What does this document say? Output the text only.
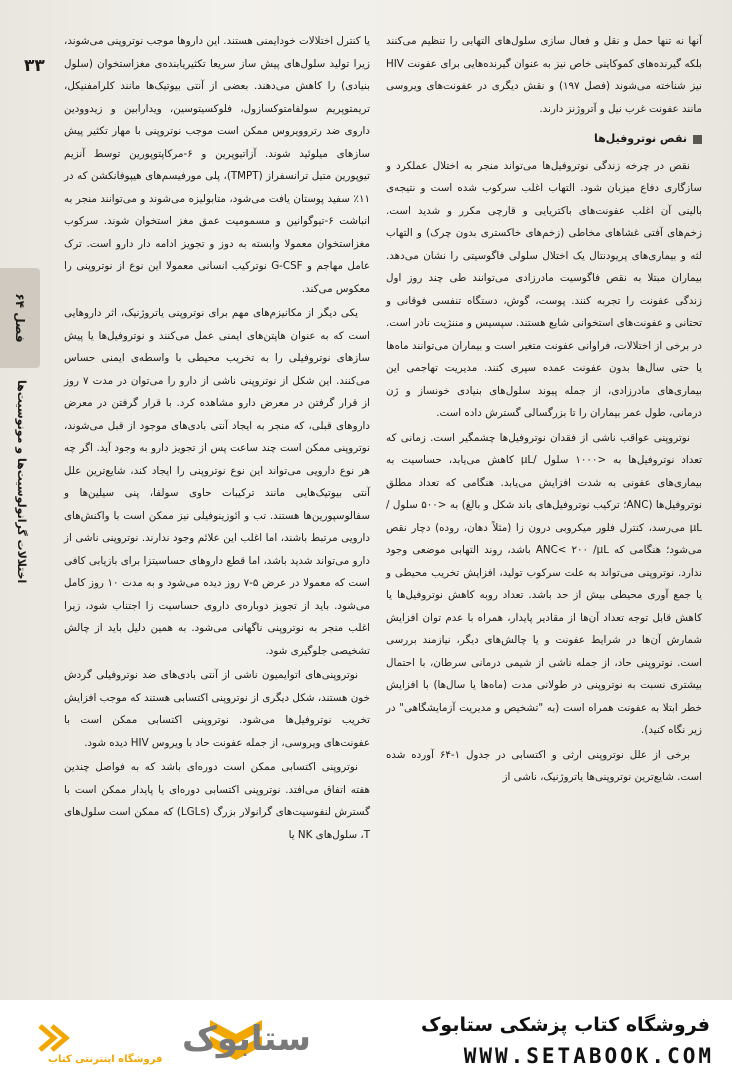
۳۳
فصل ۶۴
اختلالات گرانولوسیت‌ها و مونوسیت‌ها

آنها نه تنها حمل و نقل و فعال سازی سلول‌های التهابی را تنظیم می‌کنند بلکه گیرنده‌های کموکاینی خاص نیز به عنوان گیرنده‌هایی برای عفونت HIV نیز شناخته می‌شوند (فصل ۱۹۷) و نقش دیگری در عفونت‌های ویروسی مانند عفونت غرب نیل و آتروژنز دارند.

نقص نوتروفیل‌ها

نقص در چرخه زندگی نوتروفیل‌ها می‌تواند منجر به اختلال عملکرد و سازگاری دفاع میزبان شود. التهاب اغلب سرکوب شده است و نتیجه‌ی بالینی آن اغلب عفونت‌های باکتریایی و قارچی مکرر و شدید است. زخم‌های آفتی غشاهای مخاطی (زخم‌های خاکستری بدون چرک) و التهاب لثه و بیماری‌های پریودنتال یک اختلال سلولی فاگوسیتی را نشان می‌دهد. بیماران مبتلا به نقص فاگوسیت مادرزادی می‌توانند طی چند روز اول زندگی عفونت را تجربه کنند. پوست، گوش، دستگاه تنفسی فوقانی و تحتانی و عفونت‌های استخوانی شایع هستند. سپسیس و مننژیت نادر است. در برخی از اختلالات، فراوانی عفونت متغیر است و بیماران می‌توانند ماه‌ها یا حتی سال‌ها بدون عفونت عمده سپری کنند. مدیریت تهاجمی این بیماری‌های مادرزادی، از جمله پیوند سلول‌های بنیادی خونساز و ژن درمانی، طول عمر بیماران را تا بزرگسالی گسترش داده است.

نوتروپنی عواقب ناشی از فقدان نوتروفیل‌ها چشمگیر است. زمانی که تعداد نوتروفیل‌ها به <۱۰۰۰ سلول /µL کاهش می‌یابد، حساسیت به بیماری‌های عفونی به شدت افزایش می‌یابد. هنگامی که تعداد مطلق نوتروفیل‌ها (ANC؛ ترکیب نوتروفیل‌های باند شکل و بالغ) به <۵۰۰ سلول /µL می‌رسد، کنترل فلور میکروبی درون زا (مثلاً دهان، روده) دچار نقص می‌شود؛ هنگامی که ANC< ۲۰۰ /µL باشد، روند التهابی موضعی وجود ندارد. نوتروپنی می‌تواند به علت سرکوب تولید، افزایش تخریب محیطی و یا جمع آوری محیطی بیش از حد باشد. تعداد روبه کاهش نوتروفیل‌ها یا کاهش قابل توجه تعداد آن‌ها از مقادیر پایدار، همراه با عدم توان افزایش شمارش آن‌ها در شرایط عفونت و یا چالش‌های دیگر، نیازمند بررسی است. نوتروپنی حاد، از جمله ناشی از شیمی درمانی سرطان، با احتمال بیشتری نسبت به نوتروپنی در طولانی مدت (ماه‌ها یا سال‌ها) با افزایش خطر ابتلا به عفونت همراه است (به "تشخیص و مدیریت آزمایشگاهی" در زیر نگاه کنید).

برخی از علل نوتروپنی ارثی و اکتسابی در جدول ۱-۶۴ آورده شده است. شایع‌ترین نوتروپنی‌ها یاتروژنیک، ناشی از

یا کنترل اختلالات خودایمنی هستند. این داروها موجب نوتروپنی می‌شوند، زیرا تولید سلول‌های پیش ساز سریعا تکثیریابنده‌ی مغزاستخوان (سلول بنیادی) را کاهش می‌دهند. بعضی از آنتی بیوتیک‌ها مانند کلرامفنیکل، تریمتوپریم سولفامتوکسازول، فلوکسیتوسین، ویدارابین و زیدوودین داروی ضد رتروویروس ممکن است موجب نوتروپنی با مهار تکثیر پیش سازهای میلوئید شوند. آزاتیوپرین و ۶-مرکاپتوپورین توسط آنزیم تیوپورین متیل ترانسفراز (TMPT)، پلی مورفیسم‌های هیپوفانکشن که در ۱۱٪ سفید پوستان یافت می‌شود، متابولیزه می‌شوند و می‌توانند منجر به انباشت ۶-تیوگوانین و مسمومیت عمق مغز استخوان شوند. سرکوب مغزاستخوان معمولا وابسته به دوز و تجویز ادامه دار دارو است. ترک عامل مهاجم و G-CSF نوترکیب انسانی معمولا این نوع از نوتروپنی را معکوس می‌کند.

یکی دیگر از مکانیزم‌های مهم برای نوتروپنی یاتروژنیک، اثر داروهایی است که به عنوان هاپتن‌های ایمنی عمل می‌کنند و نوتروفیل‌ها یا پیش سازهای نوتروفیلی را به تخریب محیطی با واسطه‌ی ایمنی حساس می‌کنند. این شکل از نوتروپنی ناشی از دارو را می‌توان در مدت ۷ روز از قرار گرفتن در معرض دارو مشاهده کرد. با قرار گرفتن در معرض داروهای قبلی، که منجر به ایجاد آنتی بادی‌های موجود از قبل می‌شوند، نوتروپنی ممکن است چند ساعت پس از تجویز دارو به وجود آید. اگر چه هر نوع دارویی می‌تواند این نوع نوتروپنی را ایجاد کند، شایع‌ترین علل آنتی بیوتیک‌هایی مانند ترکیبات حاوی سولفا، پنی سیلین‌ها و سفالوسپورین‌ها هستند. تب و ائوزینوفیلی نیز ممکن است با واکنش‌های دارویی مرتبط باشند، اما اغلب این علائم وجود ندارند. نوتروپنی ناشی از دارو می‌تواند شدید باشد، اما قطع داروهای حساسیتزا برای بازیابی کافی است که معمولا در عرض ۵-۷ روز دیده می‌شود و به مدت ۱۰ روز کامل می‌شود. باید از تجویز دوباره‌ی داروی حساسیت زا اجتناب شود، زیرا اغلب منجر به نوتروپنی ناگهانی می‌شود. به همین دلیل باید از چالش تشخیصی جلوگیری شود.

نوتروپنی‌های اتوایمیون ناشی از آنتی بادی‌های ضد نوتروفیلی گردش خون هستند، شکل دیگری از نوتروپنی اکتسابی هستند که موجب افزایش تخریب نوتروفیل‌ها می‌شود. نوتروپنی اکتسابی ممکن است با عفونت‌های ویروسی، از جمله عفونت حاد با ویروس HIV دیده شود.

نوتروپنی اکتسابی ممکن است دوره‌ای باشد که به فواصل چندین هفته اتفاق می‌افتد. نوتروپنی اکتسابی دوره‌ای یا پایدار ممکن است با گسترش لنفوسیت‌های گرانولار بزرگ (LGLs) که ممکن است سلول‌های T، سلول‌های NK یا

فروشگاه کتاب پزشکی ستابوک
WWW.SETABOOK.COM
ستابوک
فروشگاه اینترنتی کتاب
